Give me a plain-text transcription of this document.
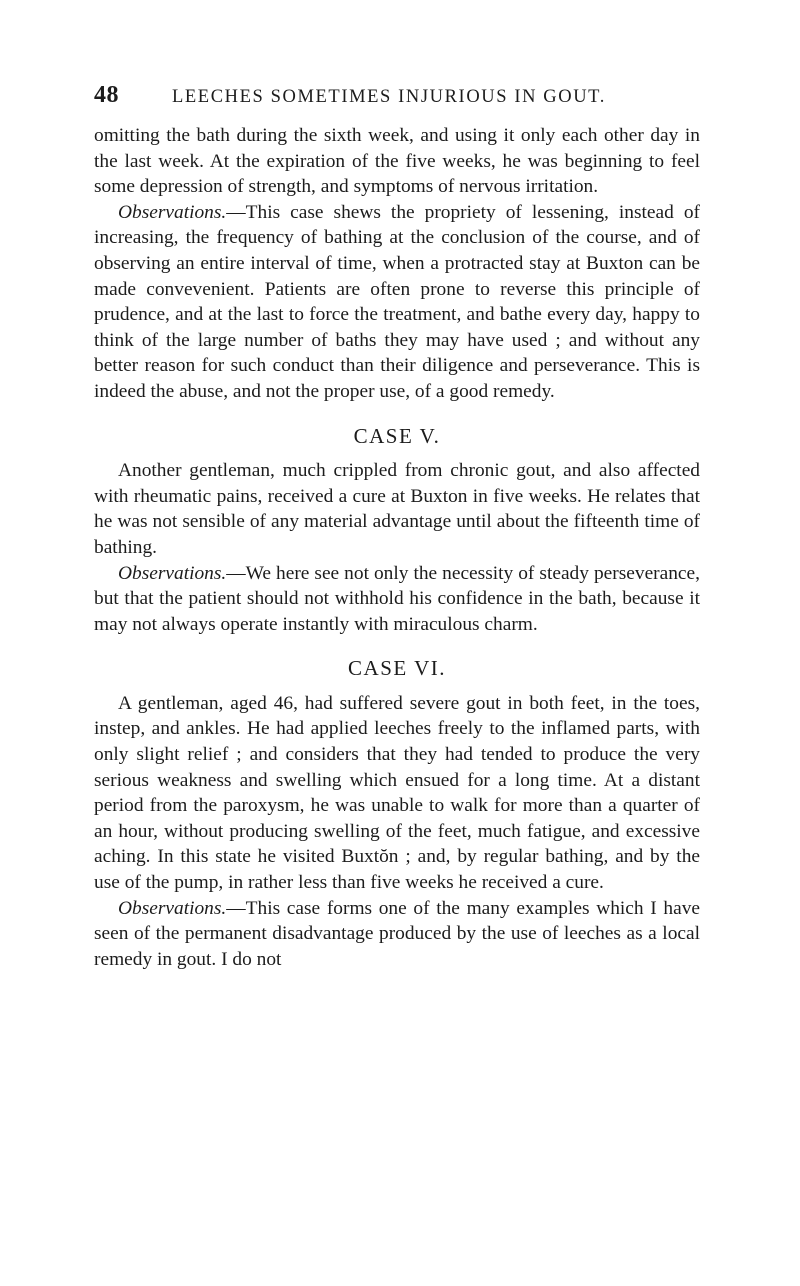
48	LEECHES SOMETIMES INJURIOUS IN GOUT.

omitting the bath during the sixth week, and using it only each other day in the last week. At the expiration of the five weeks, he was beginning to feel some depression of strength, and symptoms of nervous irritation.

Observations.—This case shews the propriety of lessening, instead of increasing, the frequency of bathing at the conclusion of the course, and of observing an entire interval of time, when a protracted stay at Buxton can be made convevenient. Patients are often prone to reverse this principle of prudence, and at the last to force the treatment, and bathe every day, happy to think of the large number of baths they may have used ; and without any better reason for such conduct than their diligence and perseverance. This is indeed the abuse, and not the proper use, of a good remedy.

CASE V.

Another gentleman, much crippled from chronic gout, and also affected with rheumatic pains, received a cure at Buxton in five weeks. He relates that he was not sensible of any material advantage until about the fifteenth time of bathing.

Observations.—We here see not only the necessity of steady perseverance, but that the patient should not withhold his confidence in the bath, because it may not always operate instantly with miraculous charm.

CASE VI.

A gentleman, aged 46, had suffered severe gout in both feet, in the toes, instep, and ankles. He had applied leeches freely to the inflamed parts, with only slight relief ; and considers that they had tended to produce the very serious weakness and swelling which ensued for a long time. At a distant period from the paroxysm, he was unable to walk for more than a quarter of an hour, without producing swelling of the feet, much fatigue, and excessive aching. In this state he visited Buxtŏn ; and, by regular bathing, and by the use of the pump, in rather less than five weeks he received a cure.

Observations.—This case forms one of the many examples which I have seen of the permanent disadvantage produced by the use of leeches as a local remedy in gout. I do not
